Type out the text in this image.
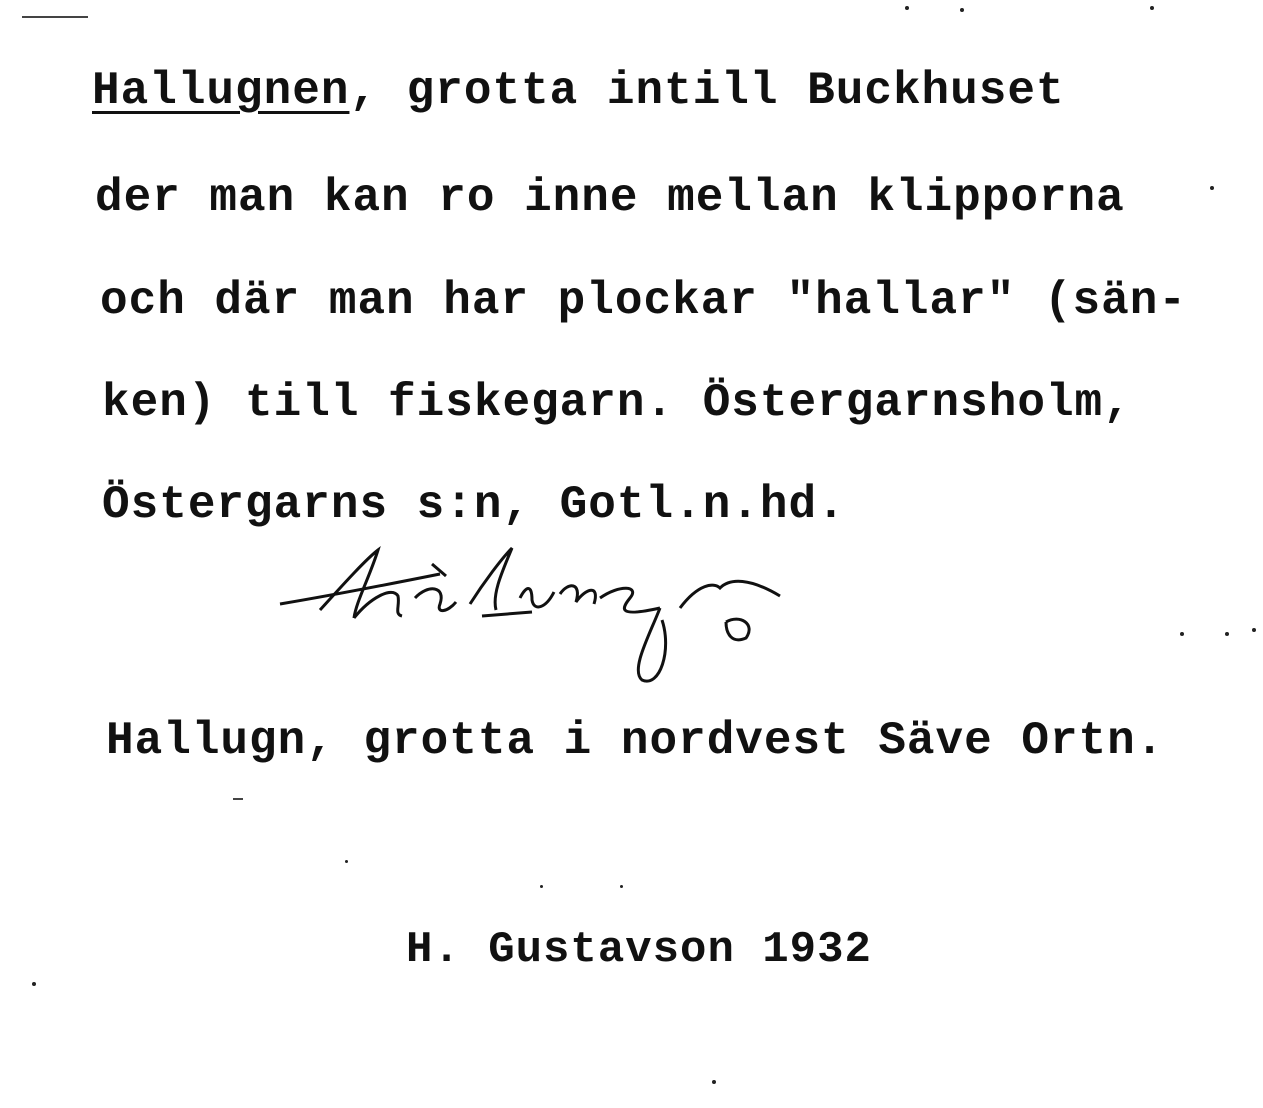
Hallugnen, grotta intill Buckhuset
der man kan ro inne mellan klipporna
och där man har plockar "hallar" (sän-
ken) till fiskegarn. Östergarnsholm,
Östergarns s:n, Gotl.n.hd.
Hallugn, grotta i nordvest Säve Ortn.
H. Gustavson 1932
